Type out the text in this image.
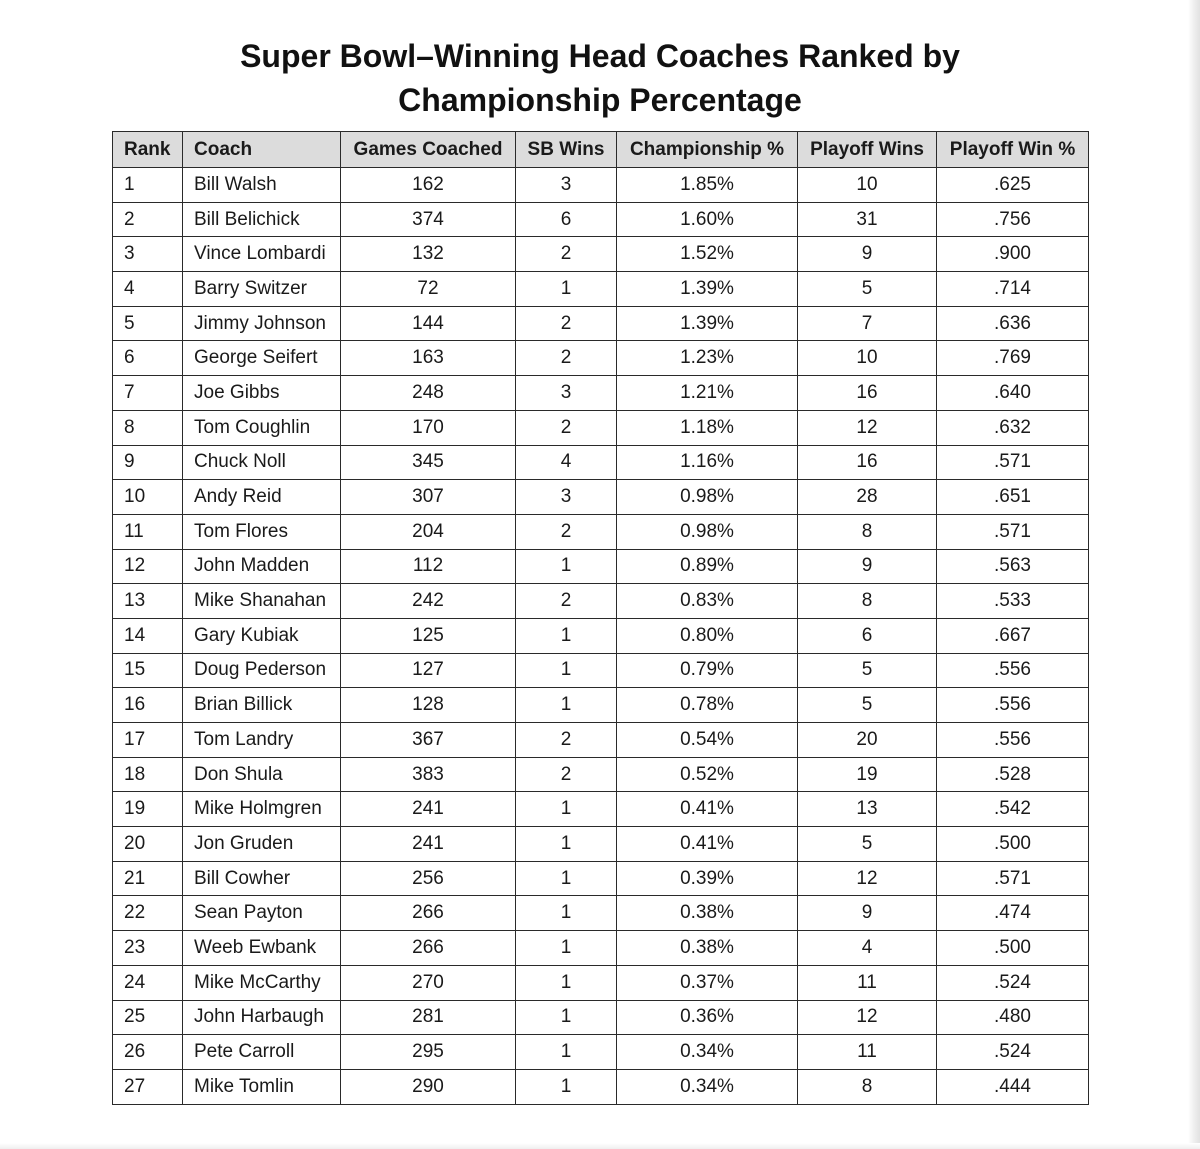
Super Bowl–Winning Head Coaches Ranked by
Championship Percentage
Rank	Coach	Games Coached	SB Wins	Championship %	Playoff Wins	Playoff Win %
1	Bill Walsh	162	3	1.85%	10	.625
2	Bill Belichick	374	6	1.60%	31	.756
3	Vince Lombardi	132	2	1.52%	9	.900
4	Barry Switzer	72	1	1.39%	5	.714
5	Jimmy Johnson	144	2	1.39%	7	.636
6	George Seifert	163	2	1.23%	10	.769
7	Joe Gibbs	248	3	1.21%	16	.640
8	Tom Coughlin	170	2	1.18%	12	.632
9	Chuck Noll	345	4	1.16%	16	.571
10	Andy Reid	307	3	0.98%	28	.651
11	Tom Flores	204	2	0.98%	8	.571
12	John Madden	112	1	0.89%	9	.563
13	Mike Shanahan	242	2	0.83%	8	.533
14	Gary Kubiak	125	1	0.80%	6	.667
15	Doug Pederson	127	1	0.79%	5	.556
16	Brian Billick	128	1	0.78%	5	.556
17	Tom Landry	367	2	0.54%	20	.556
18	Don Shula	383	2	0.52%	19	.528
19	Mike Holmgren	241	1	0.41%	13	.542
20	Jon Gruden	241	1	0.41%	5	.500
21	Bill Cowher	256	1	0.39%	12	.571
22	Sean Payton	266	1	0.38%	9	.474
23	Weeb Ewbank	266	1	0.38%	4	.500
24	Mike McCarthy	270	1	0.37%	11	.524
25	John Harbaugh	281	1	0.36%	12	.480
26	Pete Carroll	295	1	0.34%	11	.524
27	Mike Tomlin	290	1	0.34%	8	.444
